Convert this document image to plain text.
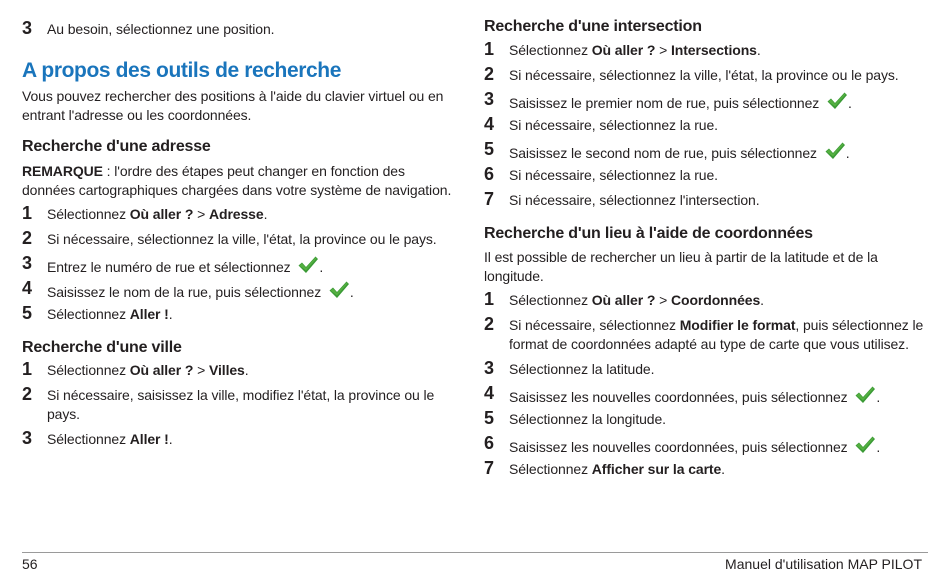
3 Au besoin, sélectionnez une position.
A propos des outils de recherche
Vous pouvez rechercher des positions à l'aide du clavier virtuel ou en entrant l'adresse ou les coordonnées.
Recherche d'une adresse
REMARQUE : l'ordre des étapes peut changer en fonction des données cartographiques chargées dans votre système de navigation.
1 Sélectionnez Où aller ? > Adresse.
2 Si nécessaire, sélectionnez la ville, l'état, la province ou le pays.
3 Entrez le numéro de rue et sélectionnez .
4 Saisissez le nom de la rue, puis sélectionnez .
5 Sélectionnez Aller !.
Recherche d'une ville
1 Sélectionnez Où aller ? > Villes.
2 Si nécessaire, saisissez la ville, modifiez l'état, la province ou le pays.
3 Sélectionnez Aller !.
Recherche d'une intersection
1 Sélectionnez Où aller ? > Intersections.
2 Si nécessaire, sélectionnez la ville, l'état, la province ou le pays.
3 Saisissez le premier nom de rue, puis sélectionnez .
4 Si nécessaire, sélectionnez la rue.
5 Saisissez le second nom de rue, puis sélectionnez .
6 Si nécessaire, sélectionnez la rue.
7 Si nécessaire, sélectionnez l'intersection.
Recherche d'un lieu à l'aide de coordonnées
Il est possible de rechercher un lieu à partir de la latitude et de la longitude.
1 Sélectionnez Où aller ? > Coordonnées.
2 Si nécessaire, sélectionnez Modifier le format, puis sélectionnez le format de coordonnées adapté au type de carte que vous utilisez.
3 Sélectionnez la latitude.
4 Saisissez les nouvelles coordonnées, puis sélectionnez .
5 Sélectionnez la longitude.
6 Saisissez les nouvelles coordonnées, puis sélectionnez .
7 Sélectionnez Afficher sur la carte.
56	Manuel d'utilisation MAP PILOT
